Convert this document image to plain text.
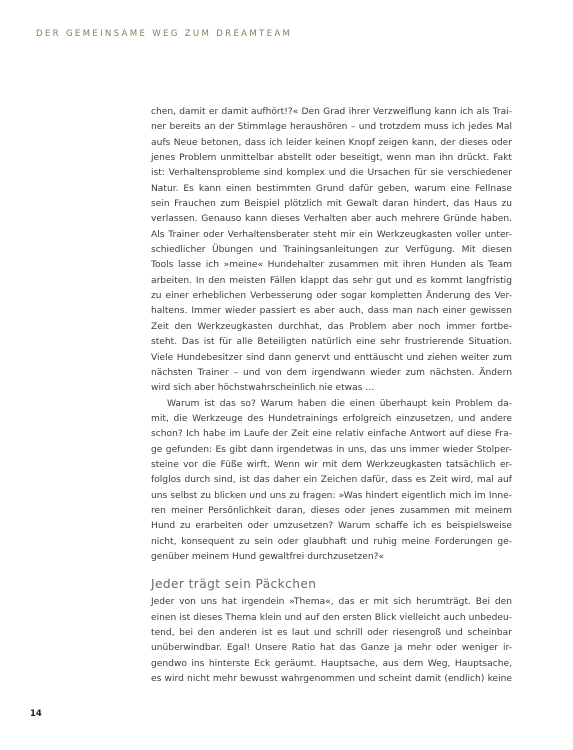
DER GEMEINSAME WEG ZUM DREAMTEAM
chen, damit er damit aufhört!?« Den Grad ihrer Verzweiflung kann ich als Trai-
ner bereits an der Stimmlage heraushören – und trotzdem muss ich jedes Mal
aufs Neue betonen, dass ich leider keinen Knopf zeigen kann, der dieses oder
jenes Problem unmittelbar abstellt oder beseitigt, wenn man ihn drückt. Fakt
ist: Verhaltensprobleme sind komplex und die Ursachen für sie verschiedener
Natur. Es kann einen bestimmten Grund dafür geben, warum eine Fellnase
sein Frauchen zum Beispiel plötzlich mit Gewalt daran hindert, das Haus zu
verlassen. Genauso kann dieses Verhalten aber auch mehrere Gründe haben.
Als Trainer oder Verhaltensberater steht mir ein Werkzeugkasten voller unter-
schiedlicher Übungen und Trainingsanleitungen zur Verfügung. Mit diesen
Tools lasse ich »meine« Hundehalter zusammen mit ihren Hunden als Team
arbeiten. In den meisten Fällen klappt das sehr gut und es kommt langfristig
zu einer erheblichen Verbesserung oder sogar kompletten Änderung des Ver-
haltens. Immer wieder passiert es aber auch, dass man nach einer gewissen
Zeit den Werkzeugkasten durchhat, das Problem aber noch immer fortbe-
steht. Das ist für alle Beteiligten natürlich eine sehr frustrierende Situation.
Viele Hundebesitzer sind dann genervt und enttäuscht und ziehen weiter zum
nächsten Trainer – und von dem irgendwann wieder zum nächsten. Ändern
wird sich aber höchstwahrscheinlich nie etwas …
Warum ist das so? Warum haben die einen überhaupt kein Problem da-
mit, die Werkzeuge des Hundetrainings erfolgreich einzusetzen, und andere
schon? Ich habe im Laufe der Zeit eine relativ einfache Antwort auf diese Fra-
ge gefunden: Es gibt dann irgendetwas in uns, das uns immer wieder Stolper-
steine vor die Füße wirft. Wenn wir mit dem Werkzeugkasten tatsächlich er-
folglos durch sind, ist das daher ein Zeichen dafür, dass es Zeit wird, mal auf
uns selbst zu blicken und uns zu fragen: »Was hindert eigentlich mich im Inne-
ren meiner Persönlichkeit daran, dieses oder jenes zusammen mit meinem
Hund zu erarbeiten oder umzusetzen? Warum schaffe ich es beispielsweise
nicht, konsequent zu sein oder glaubhaft und ruhig meine Forderungen ge-
genüber meinem Hund gewaltfrei durchzusetzen?«
Jeder trägt sein Päckchen
Jeder von uns hat irgendein »Thema«, das er mit sich herumträgt. Bei den
einen ist dieses Thema klein und auf den ersten Blick vielleicht auch unbedeu-
tend, bei den anderen ist es laut und schrill oder riesengroß und scheinbar
unüberwindbar. Egal! Unsere Ratio hat das Ganze ja mehr oder weniger ir-
gendwo ins hinterste Eck geräumt. Hauptsache, aus dem Weg, Hauptsache,
es wird nicht mehr bewusst wahrgenommen und scheint damit (endlich) keine
14
